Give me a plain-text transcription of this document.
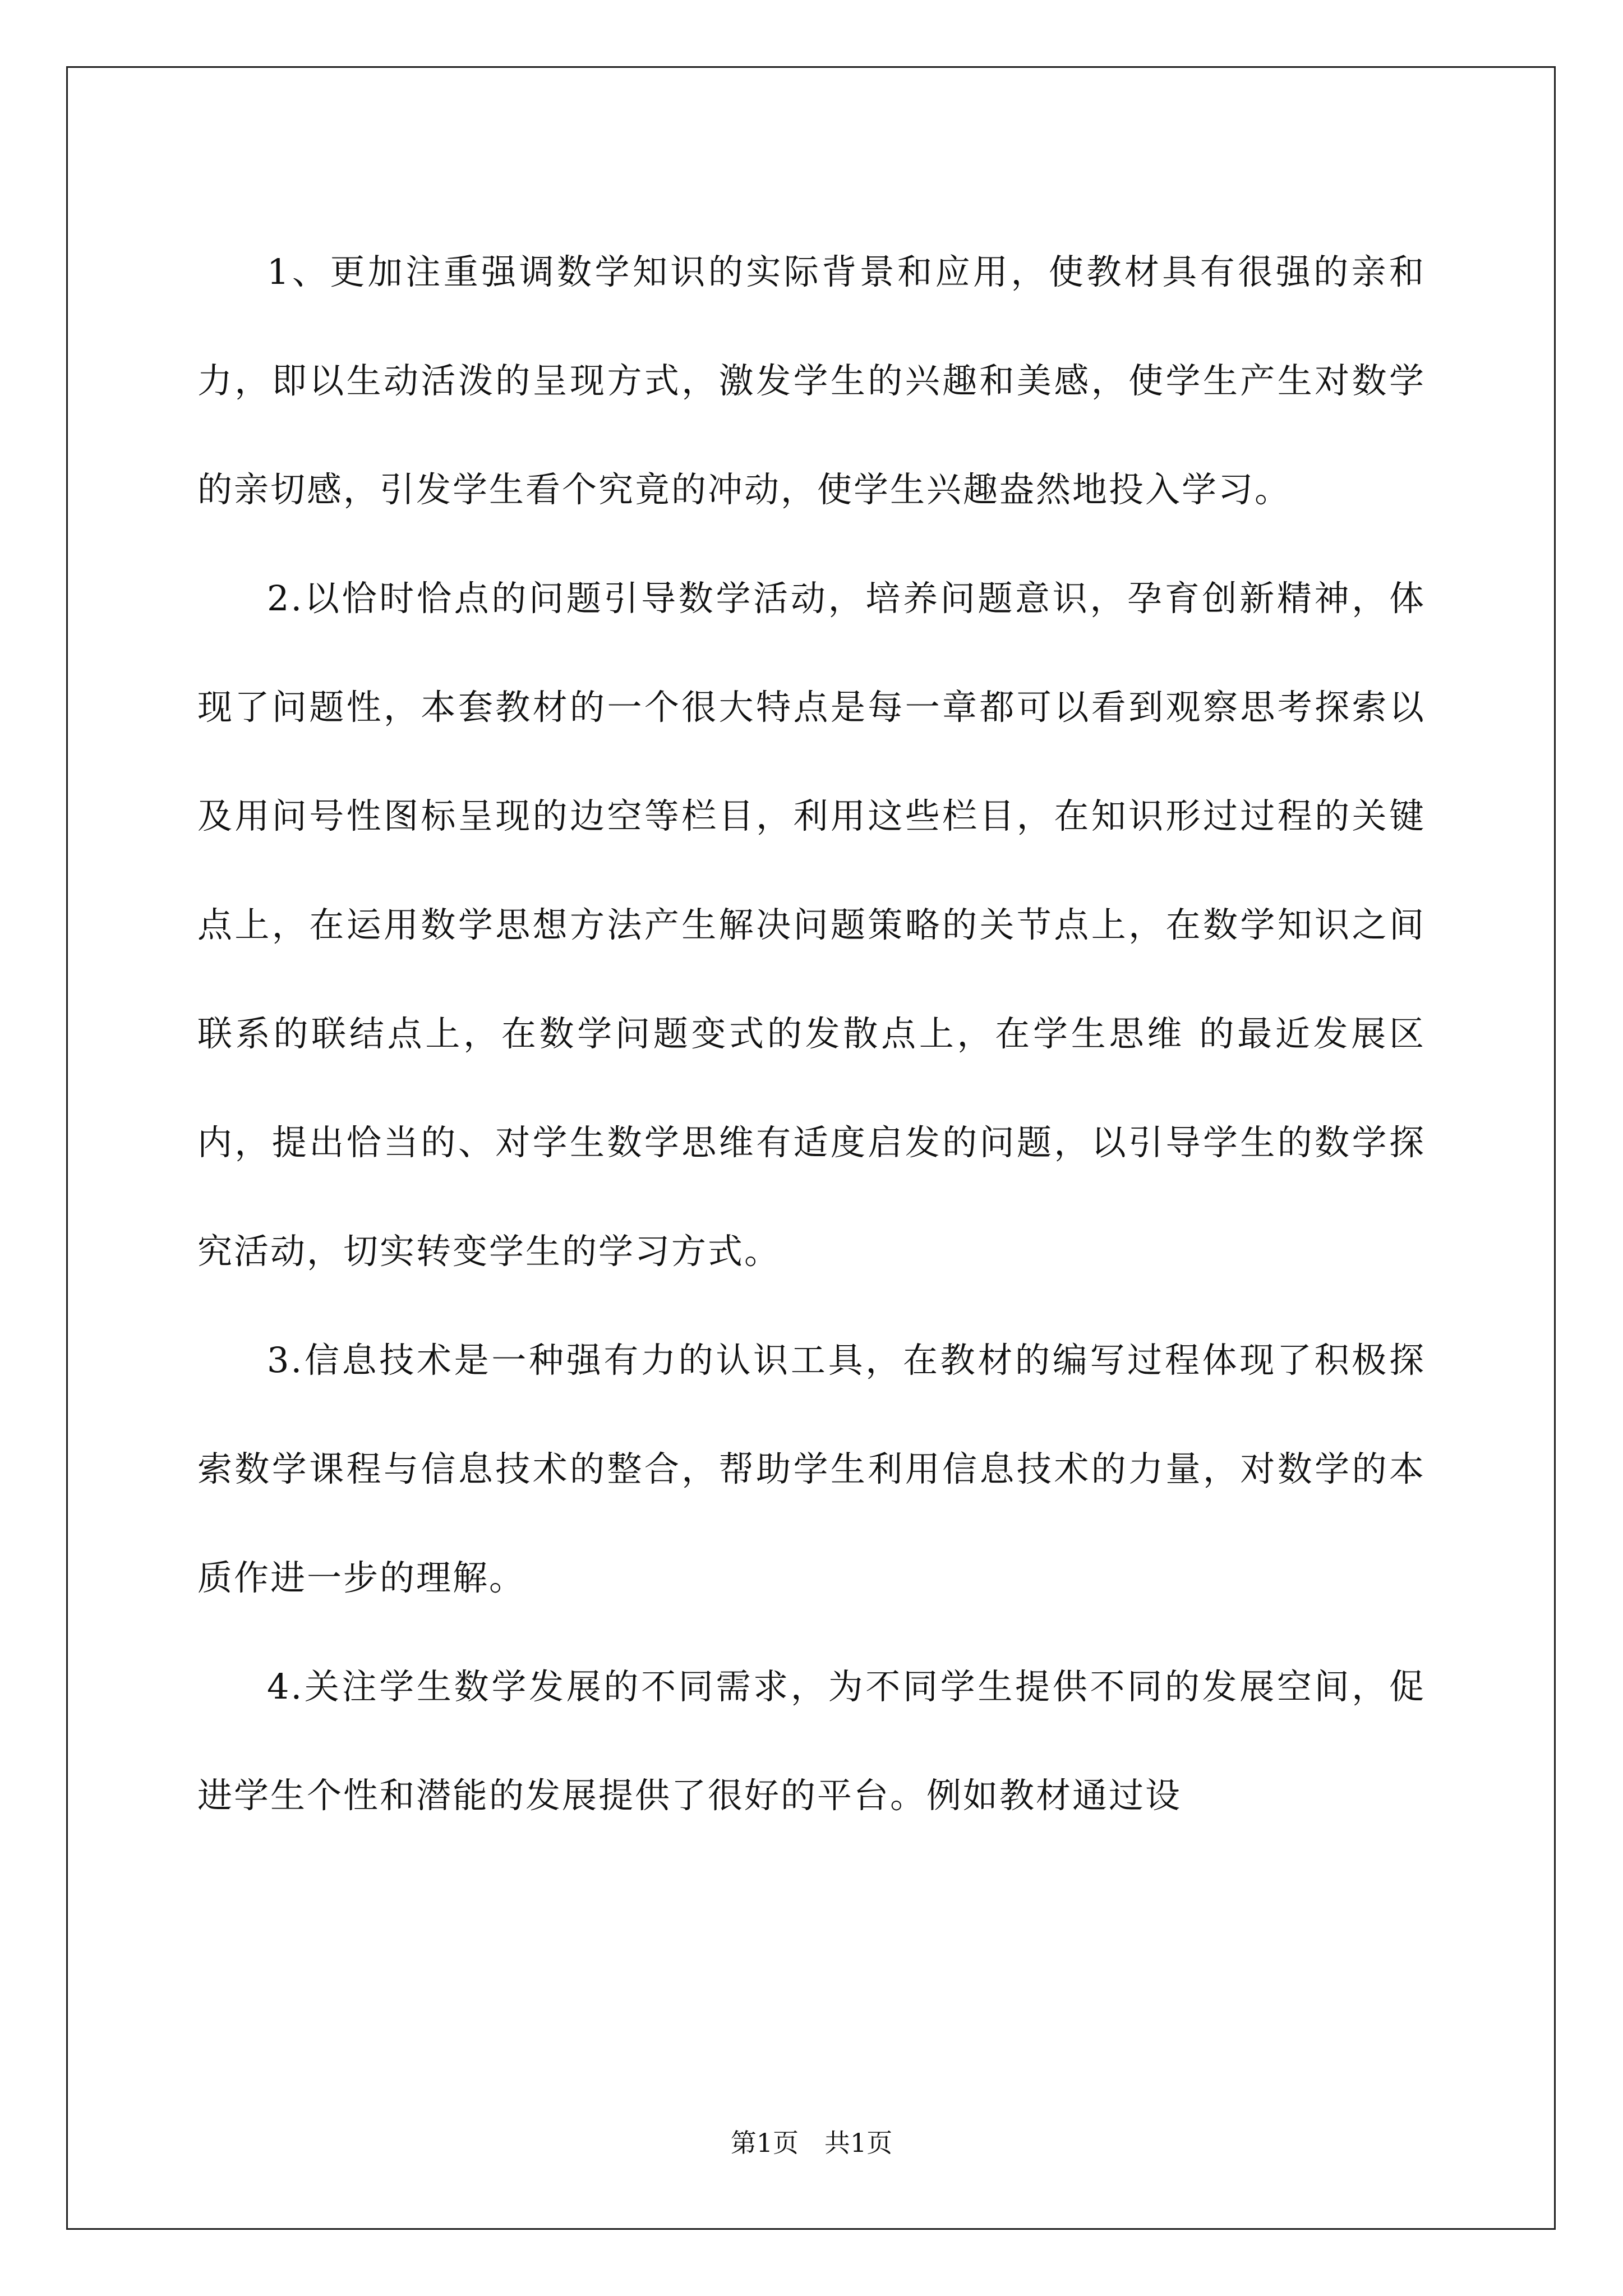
1、更加注重强调数学知识的实际背景和应用，使教材具有很强的亲和力，即以生动活泼的呈现方式，激发学生的兴趣和美感，使学生产生对数学的亲切感，引发学生看个究竟的冲动，使学生兴趣盎然地投入学习。

2.以恰时恰点的问题引导数学活动，培养问题意识，孕育创新精神，体现了问题性，本套教材的一个很大特点是每一章都可以看到观察思考探索以及用问号性图标呈现的边空等栏目，利用这些栏目，在知识形过过程的关键点上，在运用数学思想方法产生解决问题策略的关节点上，在数学知识之间联系的联结点上，在数学问题变式的发散点上，在学生思维 的最近发展区内，提出恰当的、对学生数学思维有适度启发的问题，以引导学生的数学探究活动，切实转变学生的学习方式。

3.信息技术是一种强有力的认识工具，在教材的编写过程体现了积极探索数学课程与信息技术的整合，帮助学生利用信息技术的力量，对数学的本质作进一步的理解。

4.关注学生数学发展的不同需求，为不同学生提供不同的发展空间，促进学生个性和潜能的发展提供了很好的平台。例如教材通过设

第1页　共1页
